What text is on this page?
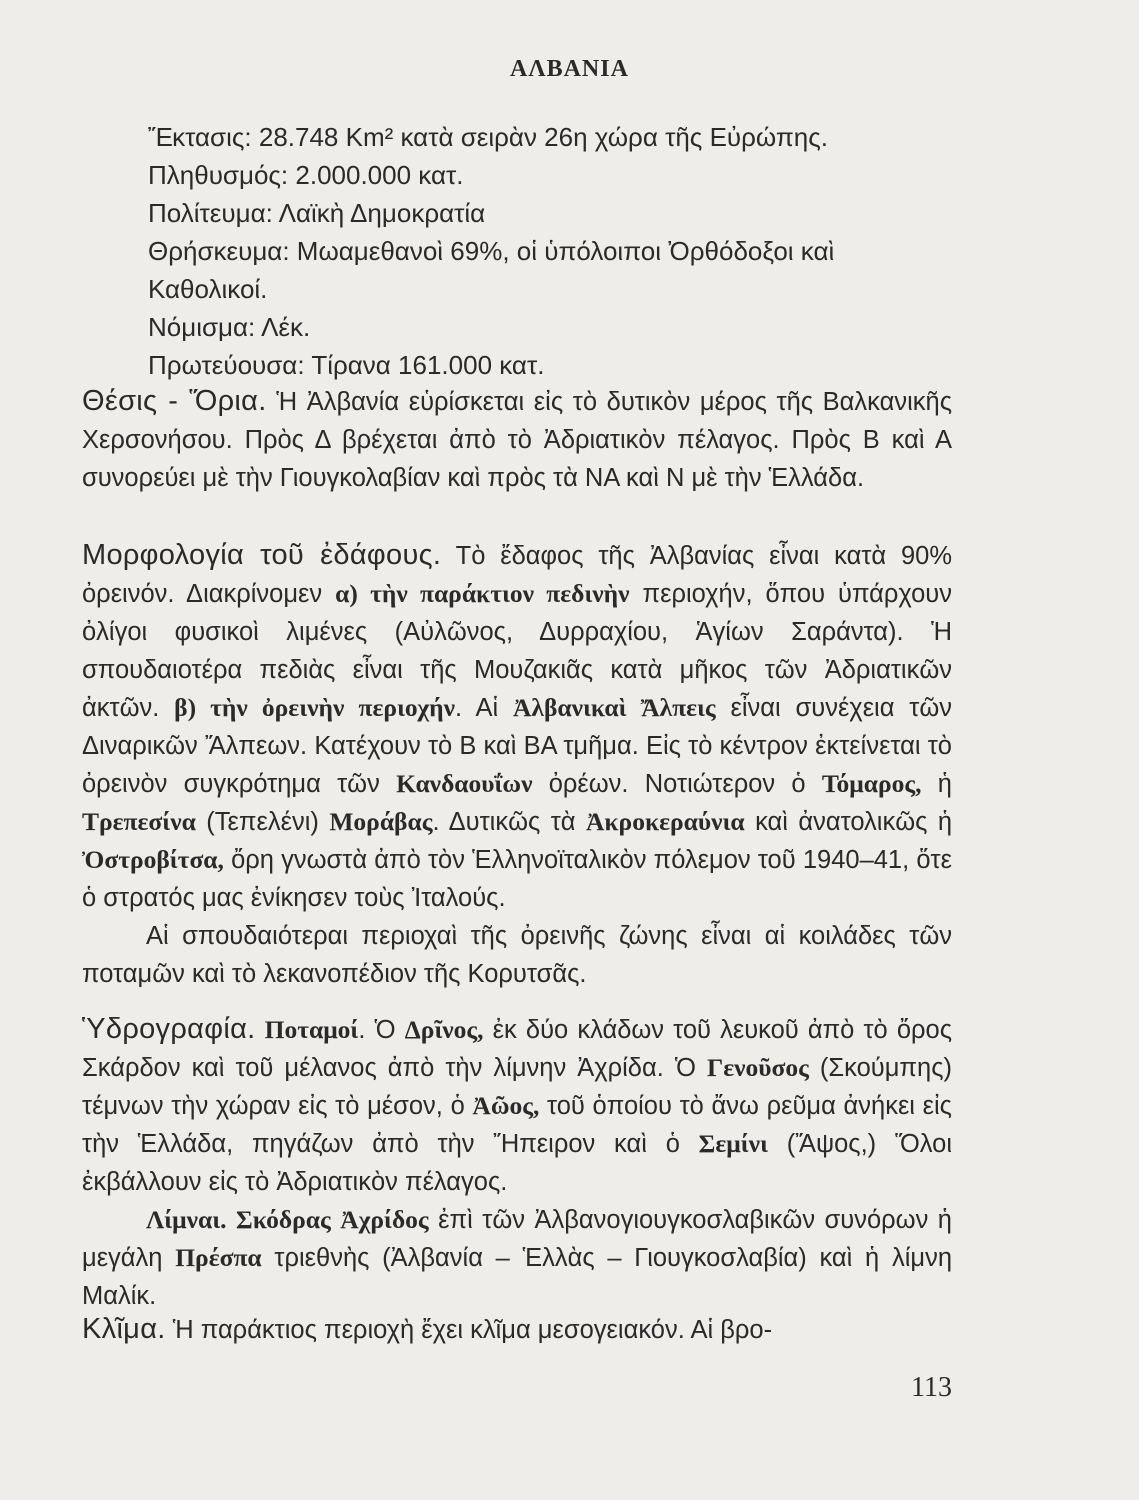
ΑΛΒΑΝΙΑ
Ἔκτασις: 28.748 Km² κατὰ σειρὰν 26η χώρα τῆς Εὐρώπης.
Πληθυσμός: 2.000.000 κατ.
Πολίτευμα: Λαϊκὴ Δημοκρατία
Θρήσκευμα: Μωαμεθανοὶ 69%, οἱ ὑπόλοιποι Ὀρθόδοξοι καὶ
Καθολικοί.
Νόμισμα: Λέκ.
Πρωτεύουσα: Τίρανα 161.000 κατ.

Θέσις - Ὅρια. Ἡ Ἀλβανία εὑρίσκεται εἰς τὸ δυτικὸν μέρος τῆς Βαλκανικῆς Χερσονήσου. Πρὸς Δ βρέχεται ἀπὸ τὸ Ἀδριατικὸν πέλαγος. Πρὸς Β καὶ Α συνορεύει μὲ τὴν Γιουγκολαβίαν καὶ πρὸς τὰ ΝΑ καὶ Ν μὲ τὴν Ἑλλάδα.

Μορφολογία τοῦ ἐδάφους. Τὸ ἔδαφος τῆς Ἀλβανίας εἶναι κατὰ 90% ὀρεινόν. Διακρίνομεν α) τὴν παράκτιον πεδινὴν περιοχήν, ὅπου ὑπάρχουν ὀλίγοι φυσικοὶ λιμένες (Αὐλῶνος, Δυρραχίου, Ἁγίων Σαράντα). Ἡ σπουδαιοτέρα πεδιὰς εἶναι τῆς Μουζακιᾶς κατὰ μῆκος τῶν Ἀδριατικῶν ἀκτῶν. β) τὴν ὀρεινὴν περιοχήν. Αἱ Ἀλβανικαὶ Ἄλπεις εἶναι συνέχεια τῶν Διναρικῶν Ἄλπεων. Κατέχουν τὸ Β καὶ ΒΑ τμῆμα. Εἰς τὸ κέντρον ἐκτείνεται τὸ ὀρεινὸν συγκρότημα τῶν Κανδαουΐων ὀρέων. Νοτιώτερον ὁ Τόμαρος, ἡ Τρεπεσίνα (Τεπελένι) Μοράβας. Δυτικῶς τὰ Ἀκροκεραύνια καὶ ἀνατολικῶς ἡ Ὀστροβίτσα, ὄρη γνωστὰ ἀπὸ τὸν Ἑλληνοϊταλικὸν πόλεμον τοῦ 1940–41, ὅτε ὁ στρατός μας ἐνίκησεν τοὺς Ἰταλούς.

Αἱ σπουδαιότεραι περιοχαὶ τῆς ὀρεινῆς ζώνης εἶναι αἱ κοιλάδες τῶν ποταμῶν καὶ τὸ λεκανοπέδιον τῆς Κορυτσᾶς.

Ὑδρογραφία. Ποταμοί. Ὁ Δρῖνος, ἐκ δύο κλάδων τοῦ λευκοῦ ἀπὸ τὸ ὄρος Σκάρδον καὶ τοῦ μέλανος ἀπὸ τὴν λίμνην Ἀχρίδα. Ὁ Γενοῦσος (Σκούμπης) τέμνων τὴν χώραν εἰς τὸ μέσον, ὁ Ἀῶος, τοῦ ὁποίου τὸ ἄνω ρεῦμα ἀνήκει εἰς τὴν Ἑλλάδα, πηγάζων ἀπὸ τὴν Ἤπειρον καὶ ὁ Σεμίνι (Ἄψος,) Ὅλοι ἐκβάλλουν εἰς τὸ Ἀδριατικὸν πέλαγος.

Λίμναι. Σκόδρας Ἀχρίδος ἐπὶ τῶν Ἀλβανογιουγκοσλαβικῶν συνόρων ἡ μεγάλη Πρέσπα τριεθνὴς (Ἀλβανία – Ἑλλὰς – Γιουγκοσλαβία) καὶ ἡ λίμνη Μαλίκ.

Κλῖμα. Ἡ παράκτιος περιοχὴ ἔχει κλῖμα μεσογειακόν. Αἱ βρο-

113
